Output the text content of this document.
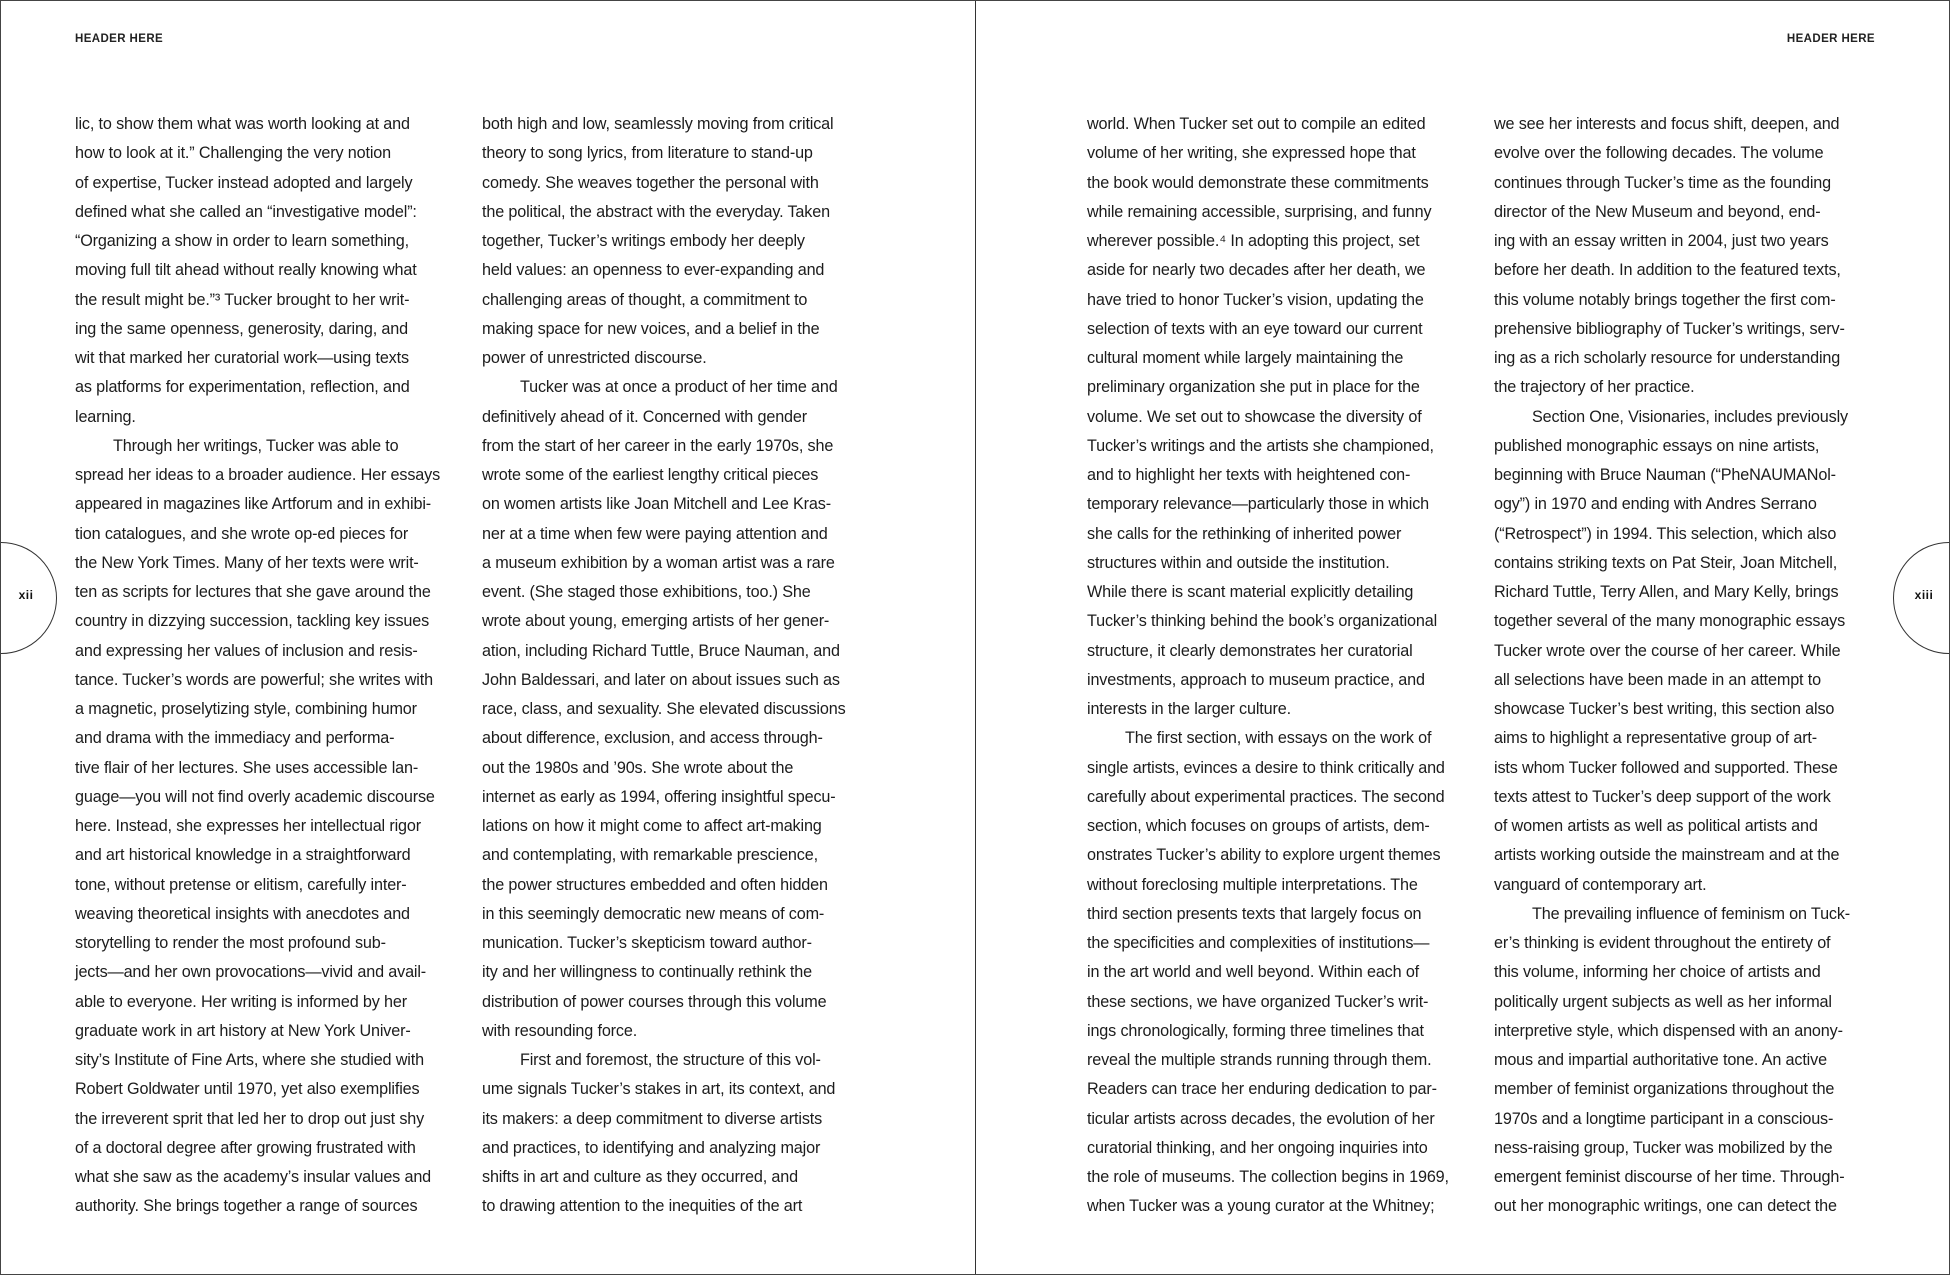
HEADER HERE
lic, to show them what was worth looking at and
how to look at it.” Challenging the very notion
of expertise, Tucker instead adopted and largely
defined what she called an “investigative model”:
“Organizing a show in order to learn something,
moving full tilt ahead without really knowing what
the result might be.”³ Tucker brought to her writ-
ing the same openness, generosity, daring, and
wit that marked her curatorial work—using texts
as platforms for experimentation, reflection, and
learning.
Through her writings, Tucker was able to
spread her ideas to a broader audience. Her essays
appeared in magazines like Artforum and in exhibi-
tion catalogues, and she wrote op-ed pieces for
the New York Times. Many of her texts were writ-
ten as scripts for lectures that she gave around the
country in dizzying succession, tackling key issues
and expressing her values of inclusion and resis-
tance. Tucker’s words are powerful; she writes with
a magnetic, proselytizing style, combining humor
and drama with the immediacy and performa-
tive flair of her lectures. She uses accessible lan-
guage—you will not find overly academic discourse
here. Instead, she expresses her intellectual rigor
and art historical knowledge in a straightforward
tone, without pretense or elitism, carefully inter-
weaving theoretical insights with anecdotes and
storytelling to render the most profound sub-
jects—and her own provocations—vivid and avail-
able to everyone. Her writing is informed by her
graduate work in art history at New York Univer-
sity’s Institute of Fine Arts, where she studied with
Robert Goldwater until 1970, yet also exemplifies
the irreverent sprit that led her to drop out just shy
of a doctoral degree after growing frustrated with
what she saw as the academy’s insular values and
authority. She brings together a range of sources
both high and low, seamlessly moving from critical
theory to song lyrics, from literature to stand-up
comedy. She weaves together the personal with
the political, the abstract with the everyday. Taken
together, Tucker’s writings embody her deeply
held values: an openness to ever-expanding and
challenging areas of thought, a commitment to
making space for new voices, and a belief in the
power of unrestricted discourse.
Tucker was at once a product of her time and
definitively ahead of it. Concerned with gender
from the start of her career in the early 1970s, she
wrote some of the earliest lengthy critical pieces
on women artists like Joan Mitchell and Lee Kras-
ner at a time when few were paying attention and
a museum exhibition by a woman artist was a rare
event. (She staged those exhibitions, too.) She
wrote about young, emerging artists of her gener-
ation, including Richard Tuttle, Bruce Nauman, and
John Baldessari, and later on about issues such as
race, class, and sexuality. She elevated discussions
about difference, exclusion, and access through-
out the 1980s and ’90s. She wrote about the
internet as early as 1994, offering insightful specu-
lations on how it might come to affect art-making
and contemplating, with remarkable prescience,
the power structures embedded and often hidden
in this seemingly democratic new means of com-
munication. Tucker’s skepticism toward author-
ity and her willingness to continually rethink the
distribution of power courses through this volume
with resounding force.
First and foremost, the structure of this vol-
ume signals Tucker’s stakes in art, its context, and
its makers: a deep commitment to diverse artists
and practices, to identifying and analyzing major
shifts in art and culture as they occurred, and
to drawing attention to the inequities of the art
xii
HEADER HERE
world. When Tucker set out to compile an edited
volume of her writing, she expressed hope that
the book would demonstrate these commitments
while remaining accessible, surprising, and funny
wherever possible.⁴ In adopting this project, set
aside for nearly two decades after her death, we
have tried to honor Tucker’s vision, updating the
selection of texts with an eye toward our current
cultural moment while largely maintaining the
preliminary organization she put in place for the
volume. We set out to showcase the diversity of
Tucker’s writings and the artists she championed,
and to highlight her texts with heightened con-
temporary relevance—particularly those in which
she calls for the rethinking of inherited power
structures within and outside the institution.
While there is scant material explicitly detailing
Tucker’s thinking behind the book’s organizational
structure, it clearly demonstrates her curatorial
investments, approach to museum practice, and
interests in the larger culture.
The first section, with essays on the work of
single artists, evinces a desire to think critically and
carefully about experimental practices. The second
section, which focuses on groups of artists, dem-
onstrates Tucker’s ability to explore urgent themes
without foreclosing multiple interpretations. The
third section presents texts that largely focus on
the specificities and complexities of institutions—
in the art world and well beyond. Within each of
these sections, we have organized Tucker’s writ-
ings chronologically, forming three timelines that
reveal the multiple strands running through them.
Readers can trace her enduring dedication to par-
ticular artists across decades, the evolution of her
curatorial thinking, and her ongoing inquiries into
the role of museums. The collection begins in 1969,
when Tucker was a young curator at the Whitney;
we see her interests and focus shift, deepen, and
evolve over the following decades. The volume
continues through Tucker’s time as the founding
director of the New Museum and beyond, end-
ing with an essay written in 2004, just two years
before her death. In addition to the featured texts,
this volume notably brings together the first com-
prehensive bibliography of Tucker’s writings, serv-
ing as a rich scholarly resource for understanding
the trajectory of her practice.
Section One, Visionaries, includes previously
published monographic essays on nine artists,
beginning with Bruce Nauman (“PheNAUMANol-
ogy”) in 1970 and ending with Andres Serrano
(“Retrospect”) in 1994. This selection, which also
contains striking texts on Pat Steir, Joan Mitchell,
Richard Tuttle, Terry Allen, and Mary Kelly, brings
together several of the many monographic essays
Tucker wrote over the course of her career. While
all selections have been made in an attempt to
showcase Tucker’s best writing, this section also
aims to highlight a representative group of art-
ists whom Tucker followed and supported. These
texts attest to Tucker’s deep support of the work
of women artists as well as political artists and
artists working outside the mainstream and at the
vanguard of contemporary art.
The prevailing influence of feminism on Tuck-
er’s thinking is evident throughout the entirety of
this volume, informing her choice of artists and
politically urgent subjects as well as her informal
interpretive style, which dispensed with an anony-
mous and impartial authoritative tone. An active
member of feminist organizations throughout the
1970s and a longtime participant in a conscious-
ness-raising group, Tucker was mobilized by the
emergent feminist discourse of her time. Through-
out her monographic writings, one can detect the
xiii
